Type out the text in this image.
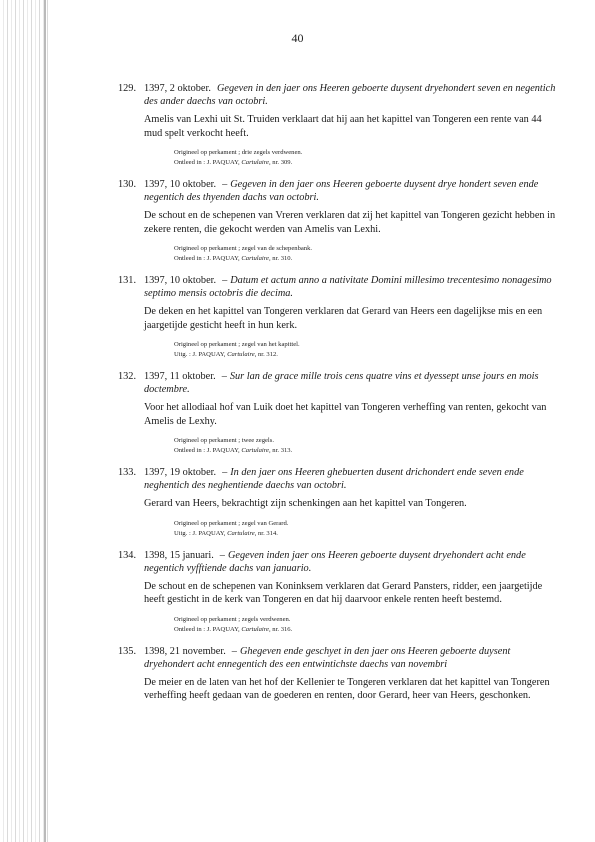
40
129. 1397, 2 oktober. Gegeven in den jaer ons Heeren geboerte duysent dryehondert seven en negentich des ander daechs van octobri.
Amelis van Lexhi uit St. Truiden verklaart dat hij aan het kapittel van Tongeren een rente van 44 mud spelt verkocht heeft.
Origineel op perkament ; drie zegels verdwenen.
Ontleed in : J. PAQUAY, Cartulaire, nr. 309.
130. 1397, 10 oktober. – Gegeven in den jaer ons Heeren geboerte duysent drye hondert seven ende negentich des thyenden dachs van octobri.
De schout en de schepenen van Vreren verklaren dat zij het kapittel van Tongeren gezicht hebben in zekere renten, die gekocht werden van Amelis van Lexhi.
Origineel op perkament ; zegel van de schepenbank.
Ontleed in : J. PAQUAY, Cartulaire, nr. 310.
131. 1397, 10 oktober. – Datum et actum anno a nativitate Domini millesimo trecentesimo nonagesimo septimo mensis octobris die decima.
De deken en het kapittel van Tongeren verklaren dat Gerard van Heers een dagelijkse mis en een jaargetijde gesticht heeft in hun kerk.
Origineel op perkament ; zegel van het kapittel.
Uitg. : J. PAQUAY, Cartulaire, nr. 312.
132. 1397, 11 oktober. – Sur lan de grace mille trois cens quatre vins et dyessept unse jours en mois doctembre.
Voor het allodiaal hof van Luik doet het kapittel van Tongeren verheffing van renten, gekocht van Amelis de Lexhy.
Origineel op perkament ; twee zegels.
Ontleed in : J. PAQUAY, Cartulaire, nr. 313.
133. 1397, 19 oktober. – In den jaer ons Heeren ghebuerten dusent drichondert ende seven ende neghentich des neghentiende daechs van octobri.
Gerard van Heers, bekrachtigt zijn schenkingen aan het kapittel van Tongeren.
Origineel op perkament ; zegel van Gerard.
Uitg. : J. PAQUAY, Cartulaire, nr. 314.
134. 1398, 15 januari. – Gegeven inden jaer ons Heeren geboerte duysent dryehondert acht ende negentich vyfftiende dachs van januario.
De schout en de schepenen van Koninksem verklaren dat Gerard Pansters, ridder, een jaargetijde heeft gesticht in de kerk van Tongeren en dat hij daarvoor enkele renten heeft bestemd.
Origineel op perkament ; zegels verdwenen.
Ontleed in : J. PAQUAY, Cartulaire, nr. 316.
135. 1398, 21 november. – Ghegeven ende geschyet in den jaer ons Heeren geboerte duysent dryehondert acht ennegentich des een entwintichste daechs van novembri
De meier en de laten van het hof der Kellenier te Tongeren verklaren dat het kapittel van Tongeren verheffing heeft gedaan van de goederen en renten, door Gerard, heer van Heers, geschonken.
